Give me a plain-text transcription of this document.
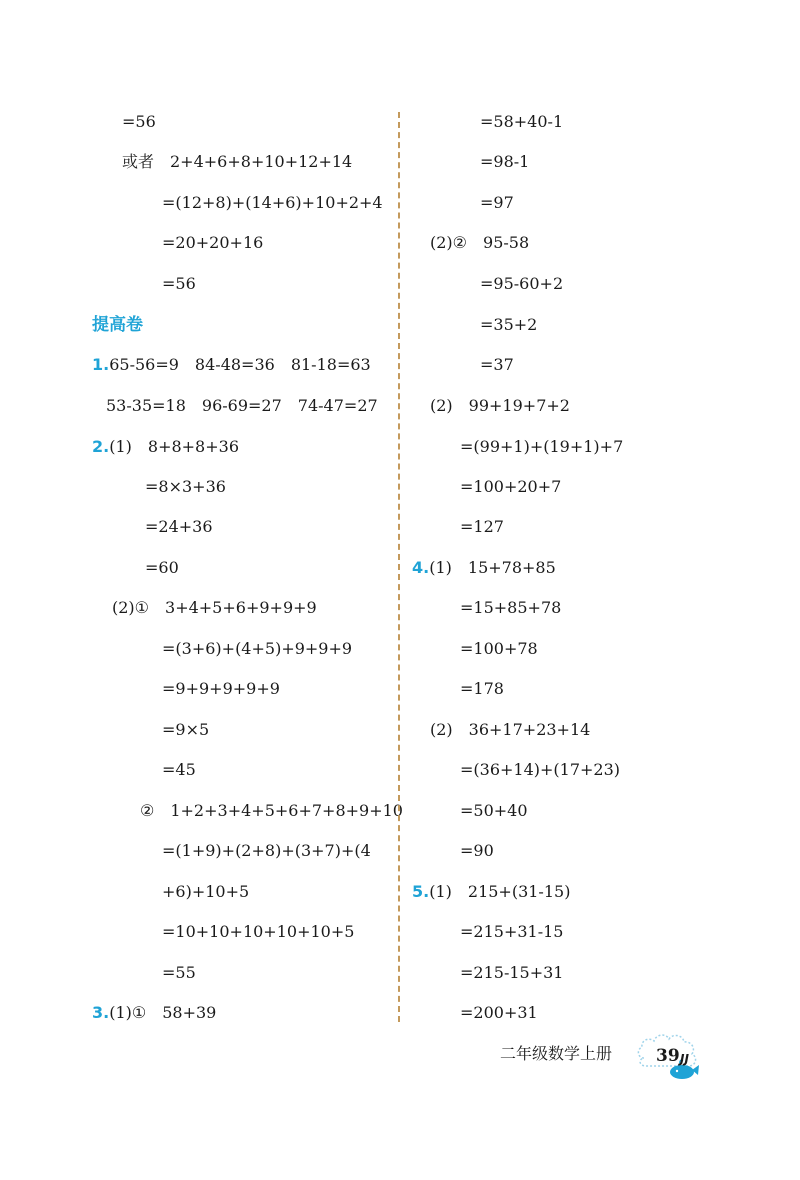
=56
或者　2+4+6+8+10+12+14
=(12+8)+(14+6)+10+2+4
=20+20+16
=56
提高卷
1.65-56=9　84-48=36　81-18=63
53-35=18　96-69=27　74-47=27
2.(1)　8+8+8+36
=8×3+36
=24+36
=60
(2)①　3+4+5+6+9+9+9
=(3+6)+(4+5)+9+9+9
=9+9+9+9+9
=9×5
=45
②　1+2+3+4+5+6+7+8+9+10
=(1+9)+(2+8)+(3+7)+(4
+6)+10+5
=10+10+10+10+10+5
=55
3.(1)①　58+39
=58+40-1
=98-1
=97
(2)②　95-58
=95-60+2
=35+2
=37
(2)　99+19+7+2
=(99+1)+(19+1)+7
=100+20+7
=127
4.(1)　15+78+85
=15+85+78
=100+78
=178
(2)　36+17+23+14
=(36+14)+(17+23)
=50+40
=90
5.(1)　215+(31-15)
=215+31-15
=215-15+31
=200+31
二年级数学上册	39 JJ
